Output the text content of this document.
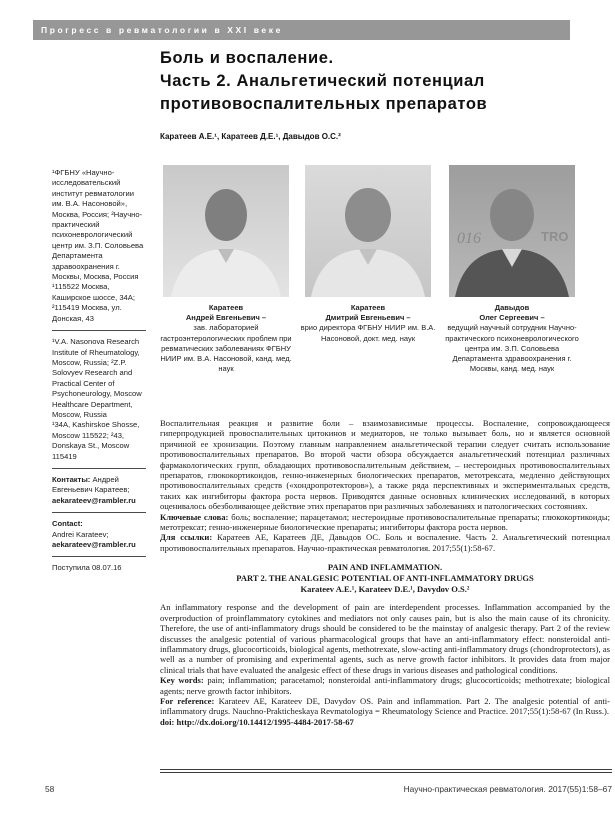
Прогресс в ревматологии в XXI веке
Боль и воспаление.
Часть 2. Анальгетический потенциал
противовоспалительных препаратов
Каратеев А.Е.¹, Каратеев Д.Е.¹, Давыдов О.С.²

¹ФГБНУ «Научно-исследовательский институт ревматологии им. В.А. Насоновой», Москва, Россия; ²Научно-практический психоневрологический центр им. З.П. Соловьева Департамента здравоохранения г. Москвы, Москва, Россия

¹115522 Москва, Каширское шоссе, 34А; ²115419 Москва, ул. Донская, 43

¹V.A. Nasonova Research Institute of Rheumatology, Moscow, Russia; ²Z.P. Solovyev Research and Practical Center of Psychoneurology, Moscow Healthcare Department, Moscow, Russia

¹34A, Kashirskoe Shosse, Moscow 115522; ²43, Donskaya St., Moscow 115419

Контакты: Андрей Евгеньевич Каратеев;

aekarateev@rambler.ru

Contact:

Andrei Karateev;

aekarateev@rambler.ru

Поступила 08.07.16

016	TRO
Каратеев
Андрей Евгеньевич –
зав. лабораторией гастроэнтерологических проблем при ревматических заболеваниях ФГБНУ НИИР им. В.А. Насоновой, канд. мед. наук
Каратеев
Дмитрий Евгеньевич –
врио директора ФГБНУ НИИР им. В.А. Насоновой, докт. мед. наук
Давыдов
Олег Сергеевич –
ведущий научный сотрудник Научно-практического психоневрологического центра им. З.П. Соловьева Департамента здравоохранения г. Москвы, канд. мед. наук

Воспалительная реакция и развитие боли – взаимозависимые процессы. Воспаление, сопровождающееся гиперпродукцией провоспалительных цитокинов и медиаторов, не только вызывает боль, но и является основной причиной ее хронизации. Поэтому главным направлением анальгетической терапии следует считать использование противовоспалительных препаратов. Во второй части обзора обсуждается анальгетический потенциал различных фармакологических групп, обладающих противовоспалительным действием, – нестероидных противовоспалительных препаратов, глюкокортикоидов, генно-инженерных биологических препаратов, метотрексата, медленно действующих противовоспалительных средств («хондропротекторов»), а также ряда перспективных и экспериментальных средств, таких как ингибиторы фактора роста нервов. Приводятся данные основных клинических исследований, в которых оценивалось обезболивающее действие этих препаратов при различных заболеваниях и патологических состояниях.

Ключевые слова: боль; воспаление; парацетамол; нестероидные противовоспалительные препараты; глюкокортикоиды; метотрексат; генно-инженерные биологические препараты; ингибиторы фактора роста нервов.

Для ссылки: Каратеев АЕ, Каратеев ДЕ, Давыдов ОС. Боль и воспаление. Часть 2. Анальгетический потенциал противовоспалительных препаратов. Научно-практическая ревматология. 2017;55(1):58-67.

PAIN AND INFLAMMATION.
PART 2. THE ANALGESIC POTENTIAL OF ANTI-INFLAMMATORY DRUGS
Karateev A.E.¹, Karateev D.E.¹, Davydov O.S.²

An inflammatory response and the development of pain are interdependent processes. Inflammation accompanied by the overproduction of proinflammatory cytokines and mediators not only causes pain, but is also the main cause of its chronicity. Therefore, the use of anti-inflammatory drugs should be considered to be the mainstay of analgesic therapy. Part 2 of the review discusses the analgesic potential of various pharmacological groups that have an anti-inflammatory effect: nonsteroidal anti-inflammatory drugs, glucocorticoids, biological agents, methotrexate, slow-acting anti-inflammatory drugs (chondroprotectors), as well as a number of promising and experimental agents, such as nerve growth factor inhibitors. It provides data from major clinical trials that have evaluated the analgesic effect of these drugs in various diseases and pathological conditions.

Key words: pain; inflammation; paracetamol; nonsteroidal anti-inflammatory drugs; glucocorticoids; methotrexate; biological agents; nerve growth factor inhibitors.

For reference: Karateev AE, Karateev DE, Davydov OS. Pain and inflammation. Part 2. The analgesic potential of anti-inflammatory drugs. Nauchno-Prakticheskaya Revmatologiya = Rheumatology Science and Practice. 2017;55(1):58-67 (In Russ.).

doi: http://dx.doi.org/10.14412/1995-4484-2017-58-67

58	Научно-практическая ревматология. 2017(55)1:58–67
